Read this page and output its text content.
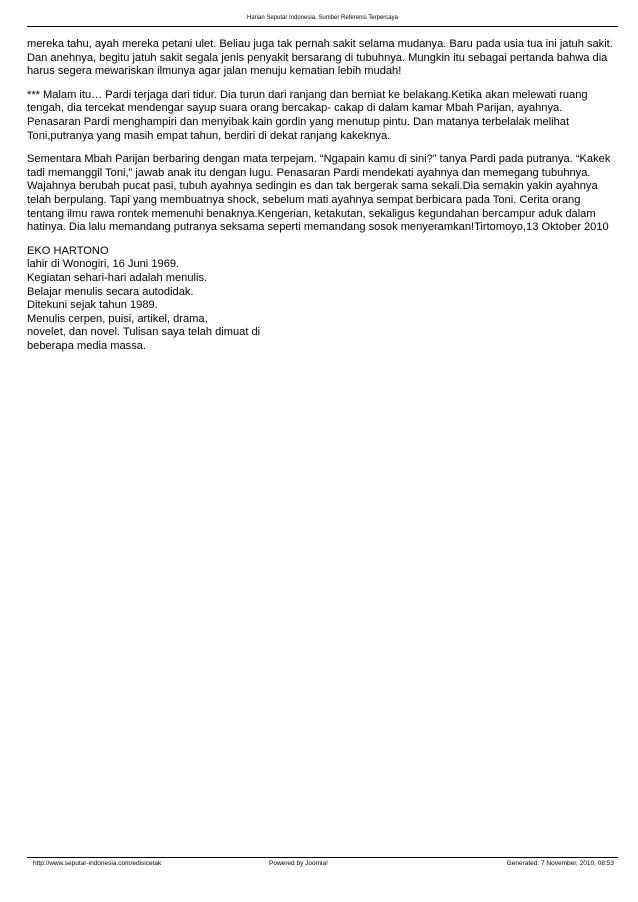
Harian Seputar Indonesia, Sumber Referensi Terpercaya

mereka tahu, ayah mereka petani ulet. Beliau juga tak pernah sakit selama mudanya. Baru pada usia tua ini jatuh sakit. Dan anehnya, begitu jatuh sakit segala jenis penyakit bersarang di tubuhnya. Mungkin itu sebagai pertanda bahwa dia harus segera mewariskan ilmunya agar jalan menuju kematian lebih mudah!

*** Malam itu… Pardi terjaga dari tidur. Dia turun dari ranjang dan berniat ke belakang.Ketika akan melewati ruang tengah, dia tercekat mendengar sayup suara orang bercakap- cakap di dalam kamar Mbah Parijan, ayahnya. Penasaran Pardi menghampiri dan menyibak kain gordin yang menutup pintu. Dan matanya terbelalak melihat Toni,putranya yang masih empat tahun, berdiri di dekat ranjang kakeknya.

Sementara Mbah Parijan berbaring dengan mata terpejam. “Ngapain kamu di sini?” tanya Pardi pada putranya. “Kakek tadi memanggil Toni,” jawab anak itu dengan lugu. Penasaran Pardi mendekati ayahnya dan memegang tubuhnya. Wajahnya berubah pucat pasi, tubuh ayahnya sedingin es dan tak bergerak sama sekali.Dia semakin yakin ayahnya telah berpulang. Tapi yang membuatnya shock, sebelum mati ayahnya sempat berbicara pada Toni. Cerita orang tentang ilmu rawa rontek memenuhi benaknya.Kengerian, ketakutan, sekaligus kegundahan bercampur aduk dalam hatinya. Dia lalu memandang putranya seksama seperti memandang sosok menyeramkan!Tirtomoyo,13 Oktober 2010

EKO HARTONO
lahir di Wonogiri, 16 Juni 1969.
Kegiatan sehari-hari adalah menulis.
Belajar menulis secara autodidak.
Ditekuni sejak tahun 1989.
Menulis cerpen, puisi, artikel, drama,
novelet, dan novel. Tulisan saya telah dimuat di
beberapa media massa.
http://www.seputar-indonesia.com/edisicetak	Powered by Joomla!	Generated: 7 November, 2010, 08:53
